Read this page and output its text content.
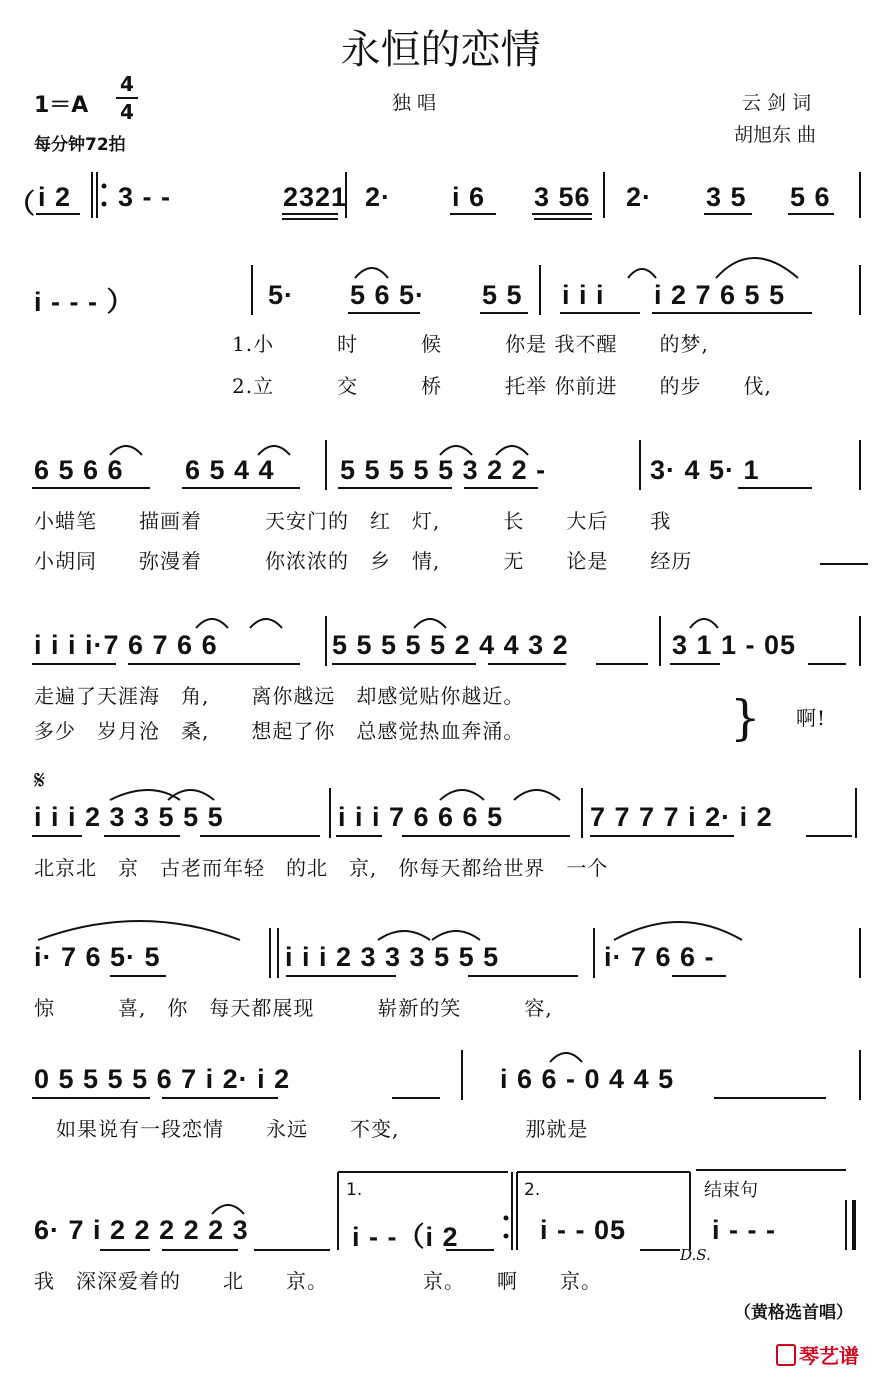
永恒的恋情
1＝A
4
4
每分钟72拍
独 唱	云 剑 词
胡旭东 曲
（ i 2 3 - -	2321 2· i 6 3 56 2· 3 5 5 6
i - - - ）	5· 5 6 5· 5 5 i i i i 2 7 6 5 5
1.小　　　时　　　候　　　你是 我不醒　　的梦,
2.立　　　交　　　桥　　　托举 你前进　　的步　　伐,
6 5 6 6 6 5 4 4 5 5 5 5 5 3 2 2 -	3· 4 5· 1
小蜡笔　　描画着　　　天安门的　红　灯,　　　长　　大后　　我
小胡同　　弥漫着　　　你浓浓的　乡　情,　　　无　　论是　　经历
i i i i·7 6 7 6 6	5 5 5 5 5 2 4 4 3 2	3 1 1 - 05
走遍了天涯海　角,　　离你越远　却感觉贴你越近。
多少　岁月沧　桑,　　想起了你　总感觉热血奔涌。	} 啊!
𝄋
i i i 2 3 3 5 5 5	i i i 7 6 6 6 5	7 7 7 7 i 2· i 2
北京北　京　古老而年轻　的北　京,　你每天都给世界　一个
i· 7 6 5· 5	i i i 2 3 3 3 5 5 5	i· 7 6 6 -
惊　　　喜,　你　每天都展现　　　崭新的笑　　　容,
0 5 5 5 5 6 7 i 2· i 2	i 6 6 - 0 4 4 5
如果说有一段恋情　　永远　　不变,　　　　　　那就是
1.	2.	结束句
6· 7 i 2 2 2 2 2 3	i - -（i 2	i - - 05	i - - -
D.S.
我　深深爱着的　　北　　京。　　　　　京。　　啊　　京。
（黄格选首唱）
琴艺谱
